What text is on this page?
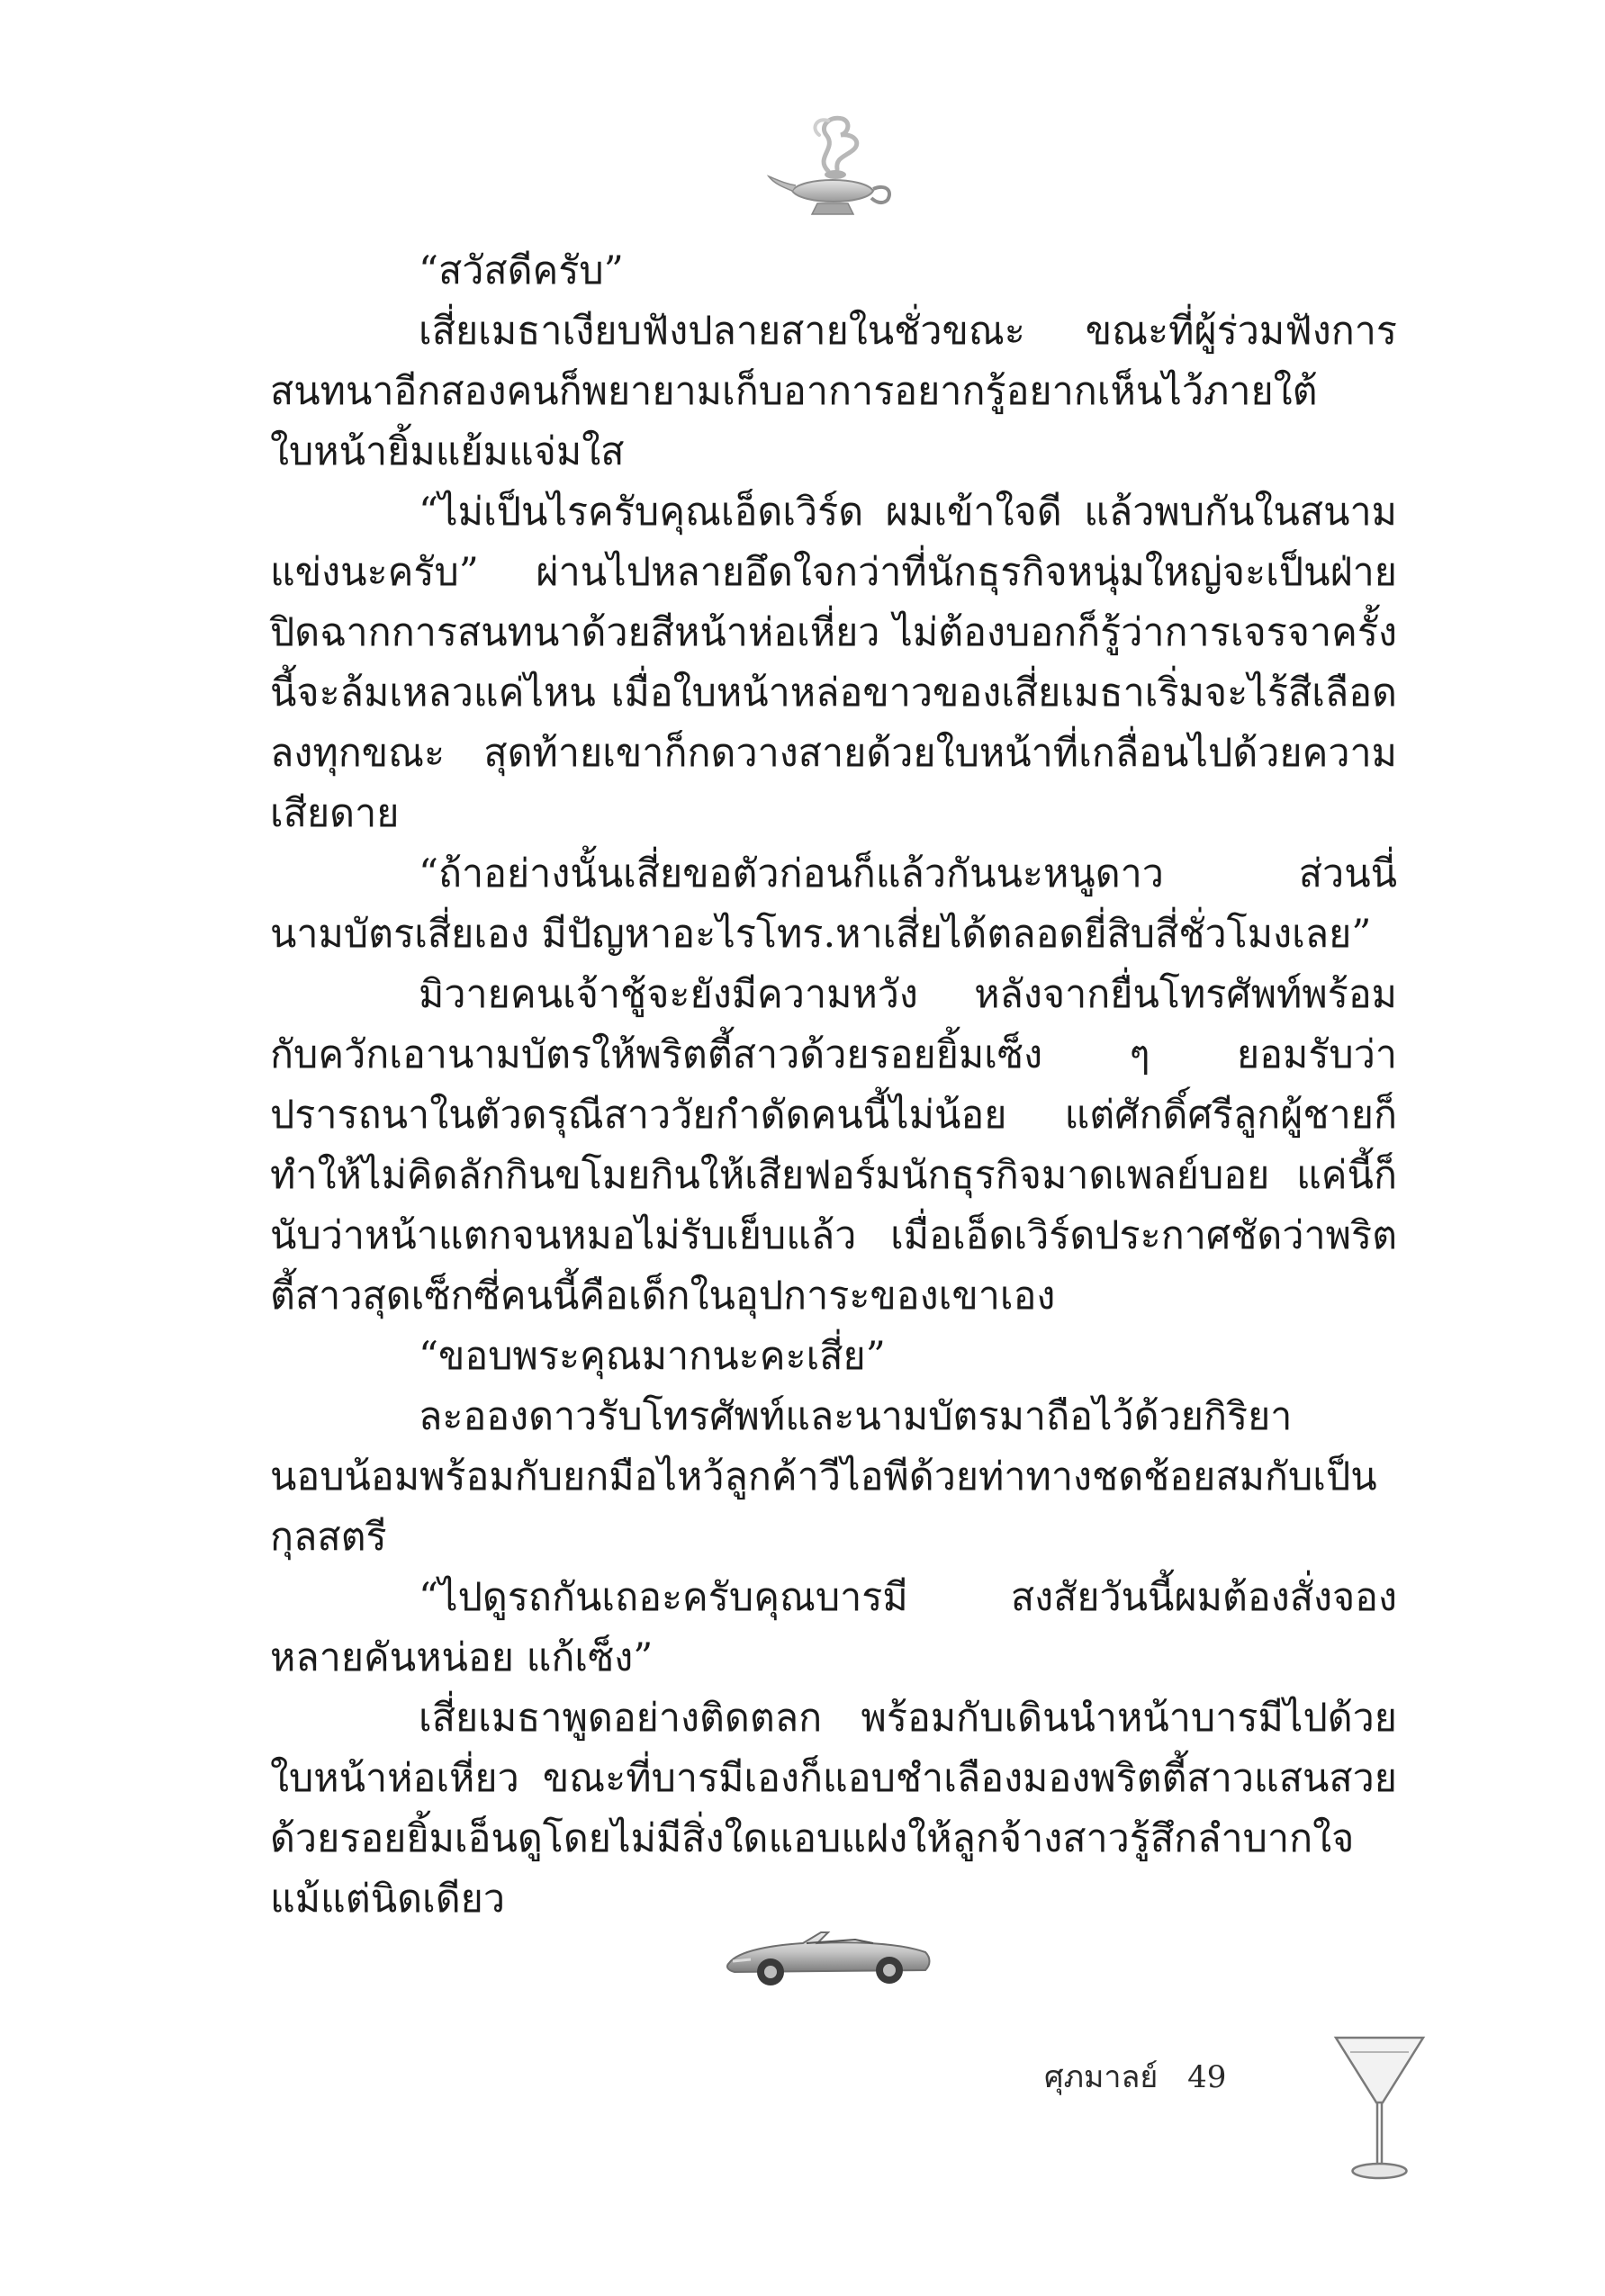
“สวัสดีครับ”

เสี่ยเมธาเงียบฟังปลายสายในชั่วขณะ ขณะที่ผู้ร่วมฟังการสนทนาอีกสองคนก็พยายามเก็บอาการอยากรู้อยากเห็นไว้ภายใต้ใบหน้ายิ้มแย้มแจ่มใส

“ไม่เป็นไรครับคุณเอ็ดเวิร์ด ผมเข้าใจดี แล้วพบกันในสนามแข่งนะครับ” ผ่านไปหลายอึดใจกว่าที่นักธุรกิจหนุ่มใหญ่จะเป็นฝ่ายปิดฉากการสนทนาด้วยสีหน้าห่อเหี่ยว ไม่ต้องบอกก็รู้ว่าการเจรจาครั้งนี้จะล้มเหลวแค่ไหน เมื่อใบหน้าหล่อขาวของเสี่ยเมธาเริ่มจะไร้สีเลือดลงทุกขณะ สุดท้ายเขาก็กดวางสายด้วยใบหน้าที่เกลื่อนไปด้วยความเสียดาย

“ถ้าอย่างนั้นเสี่ยขอตัวก่อนก็แล้วกันนะหนูดาว ส่วนนี่นามบัตรเสี่ยเอง มีปัญหาอะไรโทร.หาเสี่ยได้ตลอดยี่สิบสี่ชั่วโมงเลย”

มิวายคนเจ้าชู้จะยังมีความหวัง หลังจากยื่นโทรศัพท์พร้อมกับควักเอานามบัตรให้พริตตี้สาวด้วยรอยยิ้มเซ็ง ๆ ยอมรับว่าปรารถนาในตัวดรุณีสาววัยกำดัดคนนี้ไม่น้อย แต่ศักดิ์ศรีลูกผู้ชายก็ทำให้ไม่คิดลักกินขโมยกินให้เสียฟอร์มนักธุรกิจมาดเพลย์บอย แค่นี้ก็นับว่าหน้าแตกจนหมอไม่รับเย็บแล้ว เมื่อเอ็ดเวิร์ดประกาศชัดว่าพริตตี้สาวสุดเซ็กซี่คนนี้คือเด็กในอุปการะของเขาเอง

“ขอบพระคุณมากนะคะเสี่ย”

ละอองดาวรับโทรศัพท์และนามบัตรมาถือไว้ด้วยกิริยานอบน้อมพร้อมกับยกมือไหว้ลูกค้าวีไอพีด้วยท่าทางชดช้อยสมกับเป็นกุลสตรี

“ไปดูรถกันเถอะครับคุณบารมี สงสัยวันนี้ผมต้องสั่งจองหลายคันหน่อย แก้เซ็ง”

เสี่ยเมธาพูดอย่างติดตลก พร้อมกับเดินนำหน้าบารมีไปด้วยใบหน้าห่อเหี่ยว ขณะที่บารมีเองก็แอบชำเลืองมองพริตตี้สาวแสนสวยด้วยรอยยิ้มเอ็นดูโดยไม่มีสิ่งใดแอบแฝงให้ลูกจ้างสาวรู้สึกลำบากใจแม้แต่นิดเดียว

ศุภมาลย์ 49
